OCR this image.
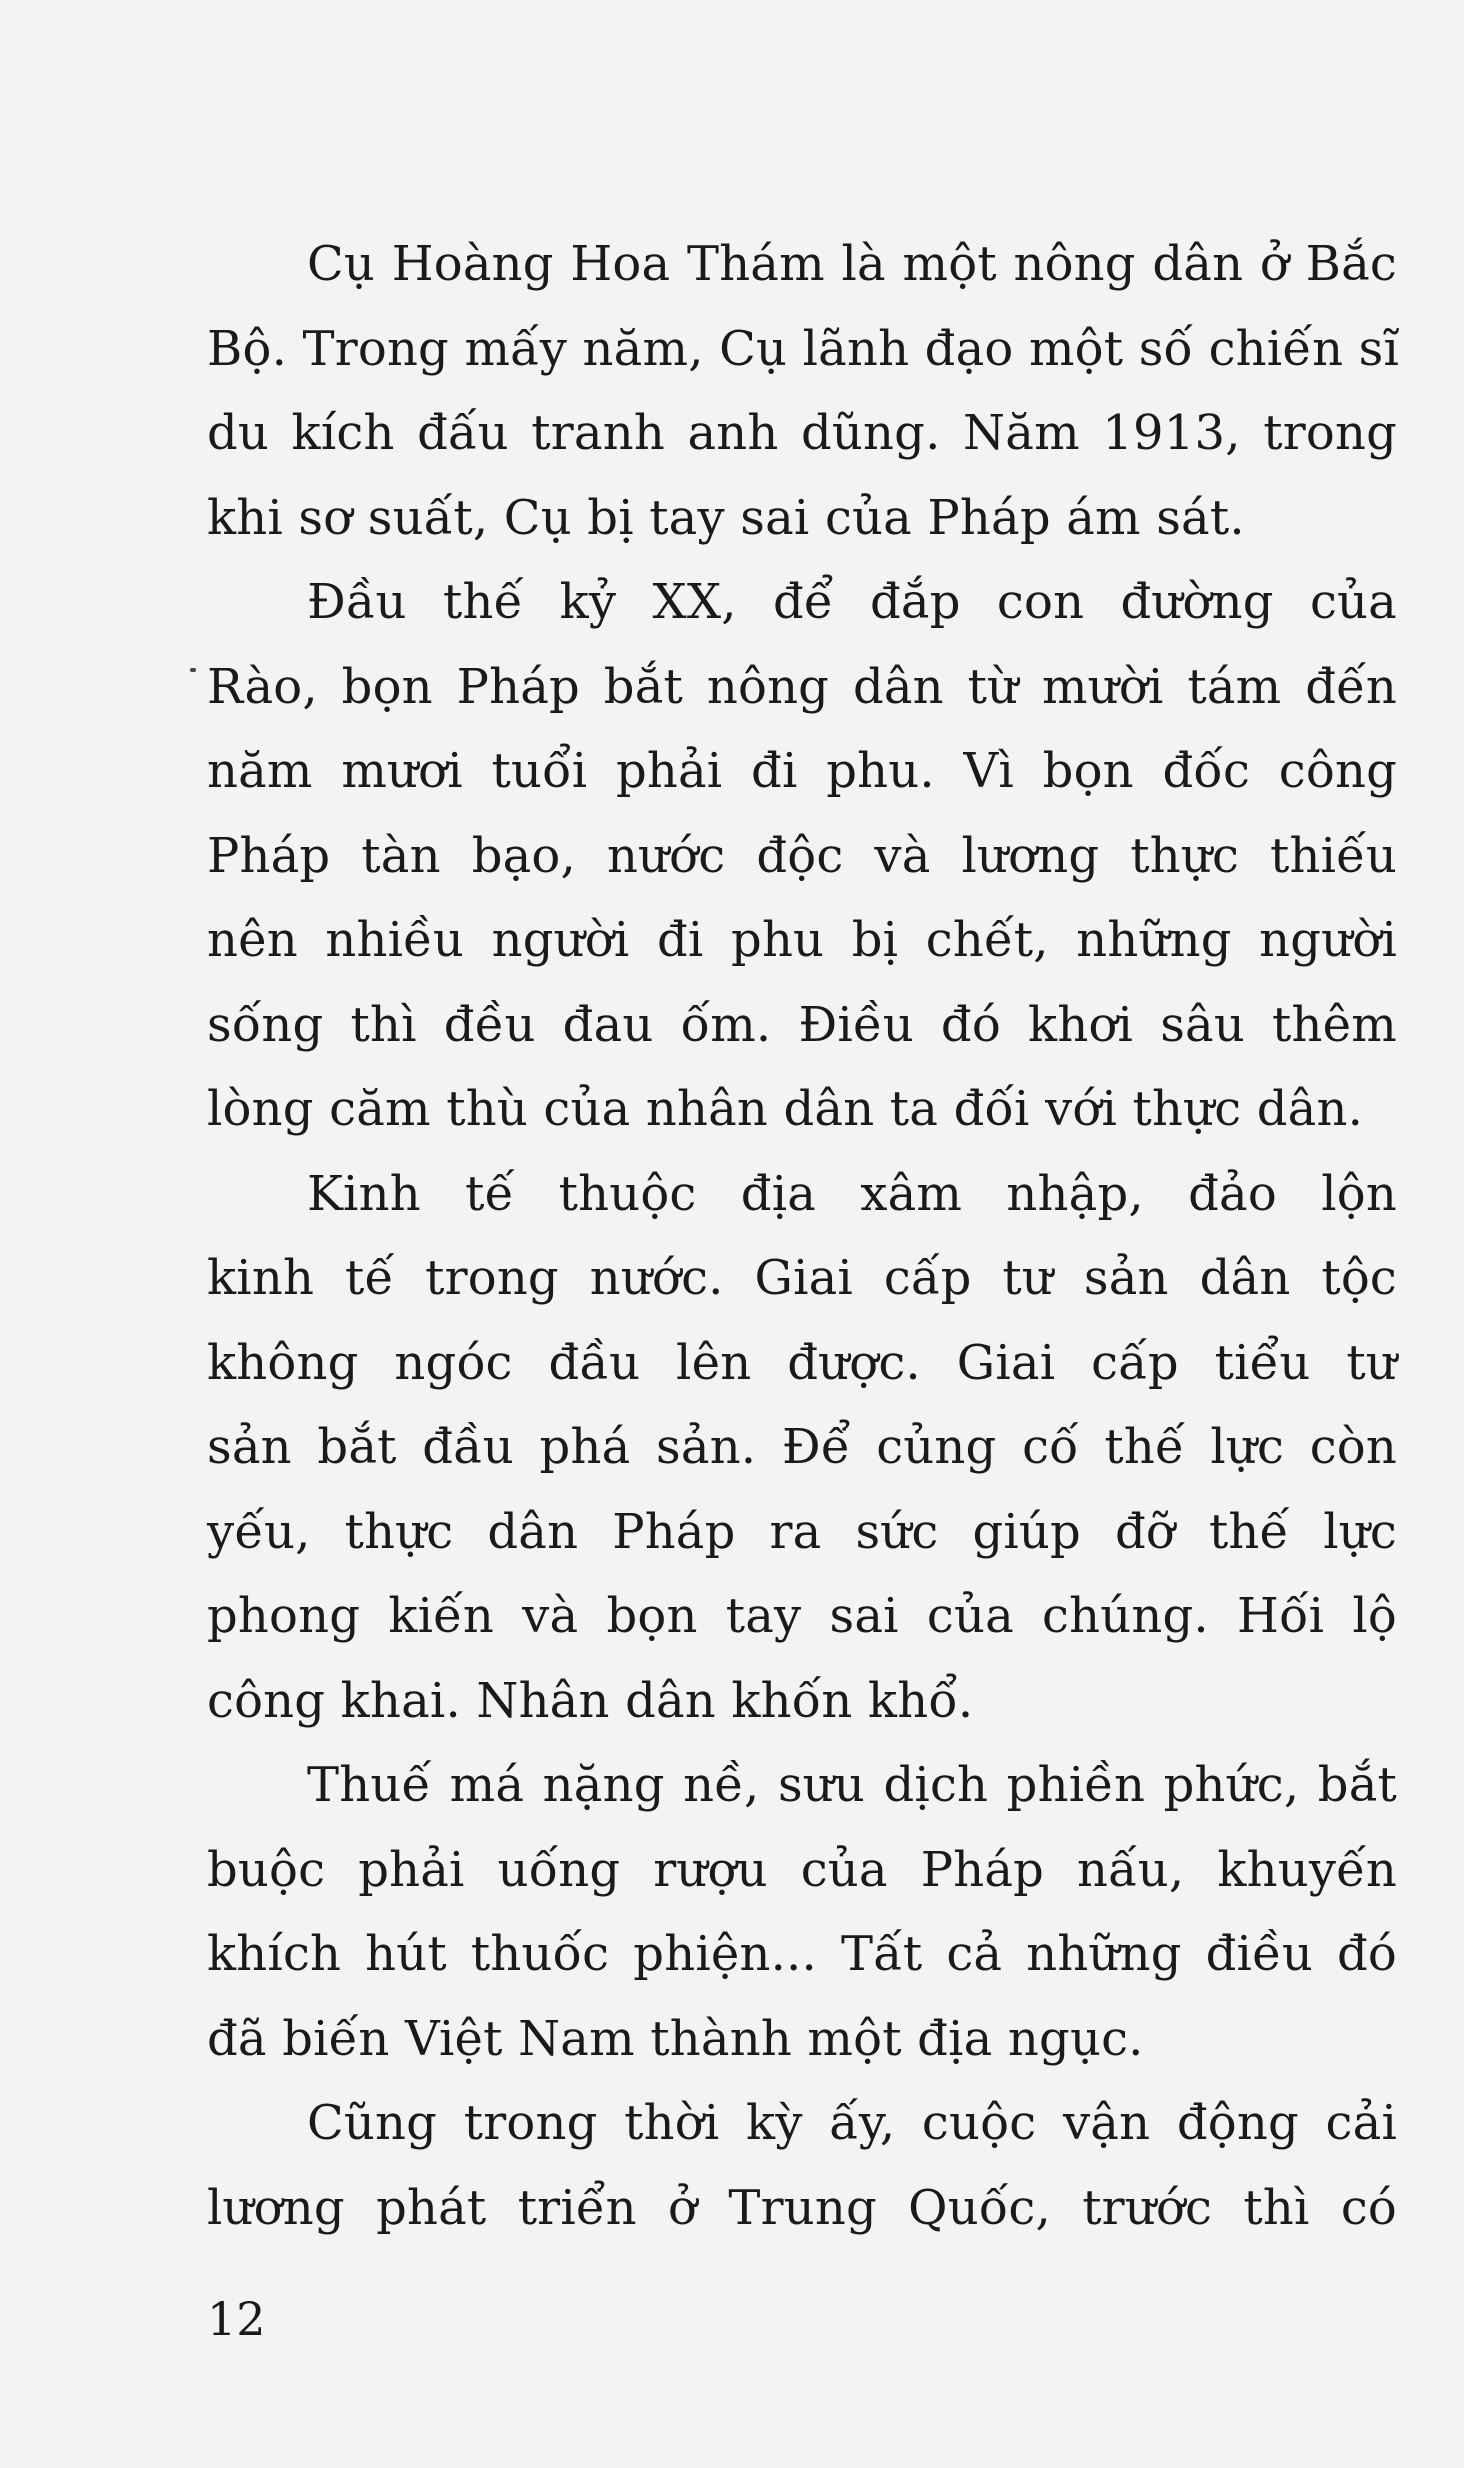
Cụ Hoàng Hoa Thám là một nông dân ở Bắc
Bộ. Trong mấy năm, Cụ lãnh đạo một số chiến sĩ
du kích đấu tranh anh dũng. Năm 1913, trong
khi sơ suất, Cụ bị tay sai của Pháp ám sát.
Đầu thế kỷ XX, để đắp con đường của
Rào, bọn Pháp bắt nông dân từ mười tám đến
năm mươi tuổi phải đi phu. Vì bọn đốc công
Pháp tàn bạo, nước độc và lương thực thiếu
nên nhiều người đi phu bị chết, những người
sống thì đều đau ốm. Điều đó khơi sâu thêm
lòng căm thù của nhân dân ta đối với thực dân.
Kinh tế thuộc địa xâm nhập, đảo lộn
kinh tế trong nước. Giai cấp tư sản dân tộc
không ngóc đầu lên được. Giai cấp tiểu tư
sản bắt đầu phá sản. Để củng cố thế lực còn
yếu, thực dân Pháp ra sức giúp đỡ thế lực
phong kiến và bọn tay sai của chúng. Hối lộ
công khai. Nhân dân khốn khổ.
Thuế má nặng nề, sưu dịch phiền phức, bắt
buộc phải uống rượu của Pháp nấu, khuyến
khích hút thuốc phiện... Tất cả những điều đó
đã biến Việt Nam thành một địa ngục.
Cũng trong thời kỳ ấy, cuộc vận động cải
lương phát triển ở Trung Quốc, trước thì có
12
